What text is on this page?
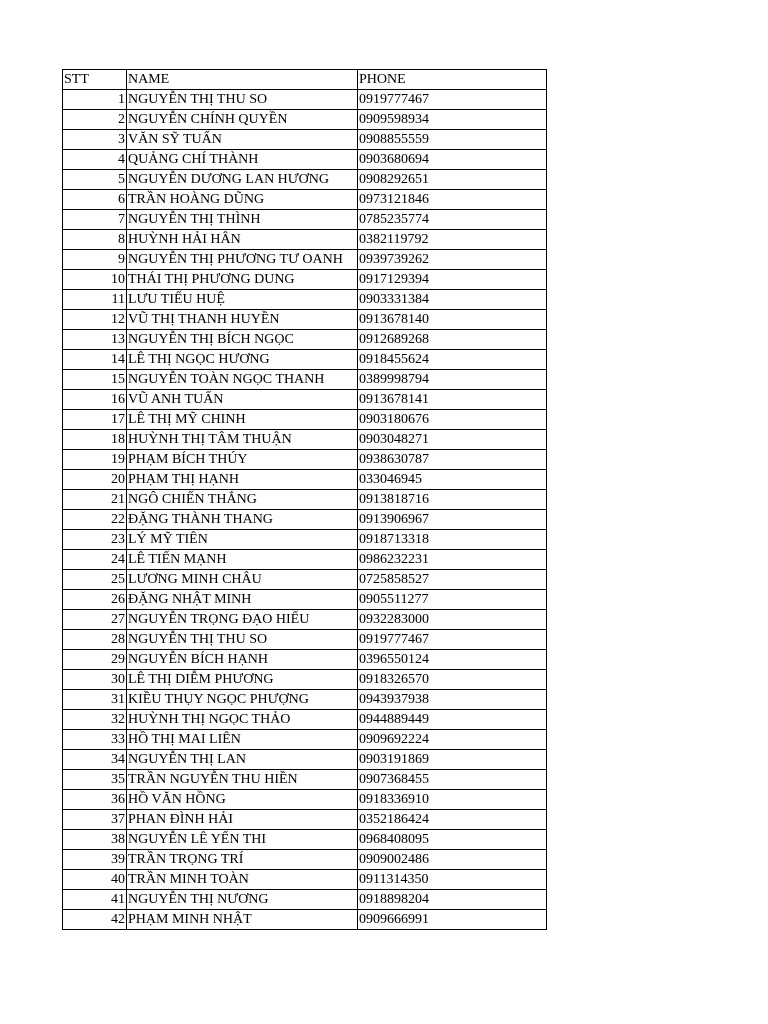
STT	NAME	PHONE
1	NGUYỄN THỊ THU SO	0919777467
2	NGUYỄN CHÍNH QUYỀN	0909598934
3	VĂN SỸ TUẤN	0908855559
4	QUẢNG CHÍ THÀNH	0903680694
5	NGUYỄN DƯƠNG LAN HƯƠNG	0908292651
6	TRẦN HOÀNG DŨNG	0973121846
7	NGUYỄN THỊ THÌNH	0785235774
8	HUỲNH HẢI HÂN	0382119792
9	NGUYỄN THỊ PHƯƠNG TƯ OANH	0939739262
10	THÁI THỊ PHƯƠNG DUNG	0917129394
11	LƯU TIẾU HUỆ	0903331384
12	VŨ THỊ THANH HUYỀN	0913678140
13	NGUYỄN THỊ BÍCH NGỌC	0912689268
14	LÊ THỊ NGỌC HƯƠNG	0918455624
15	NGUYỄN TOÀN NGỌC THANH	0389998794
16	VŨ ANH TUẤN	0913678141
17	LÊ THỊ MỸ CHINH	0903180676
18	HUỲNH THỊ TÂM THUẬN	0903048271
19	PHẠM BÍCH THÚY	0938630787
20	PHẠM THỊ HẠNH	033046945
21	NGÔ CHIẾN THẮNG	0913818716
22	ĐẶNG THÀNH THANG	0913906967
23	LÝ MỸ TIÊN	0918713318
24	LÊ TIẾN MẠNH	0986232231
25	LƯƠNG MINH CHÂU	0725858527
26	ĐẶNG NHẬT MINH	0905511277
27	NGUYỄN TRỌNG ĐẠO HIẾU	0932283000
28	NGUYỄN THỊ THU SO	0919777467
29	NGUYỄN BÍCH HẠNH	0396550124
30	LÊ THỊ DIỄM PHƯƠNG	0918326570
31	KIỀU THỤY NGỌC PHƯỢNG	0943937938
32	HUỲNH THỊ NGỌC THẢO	0944889449
33	HỒ THỊ MAI LIÊN	0909692224
34	NGUYỄN THỊ LAN	0903191869
35	TRẦN NGUYỄN THU HIỀN	0907368455
36	HỒ VĂN HỒNG	0918336910
37	PHAN ĐÌNH HẢI	0352186424
38	NGUYỄN LÊ YẾN THI	0968408095
39	TRẦN TRỌNG TRÍ	0909002486
40	TRẦN MINH TOÀN	0911314350
41	NGUYỄN THỊ NƯƠNG	0918898204
42	PHẠM MINH NHẬT	0909666991
